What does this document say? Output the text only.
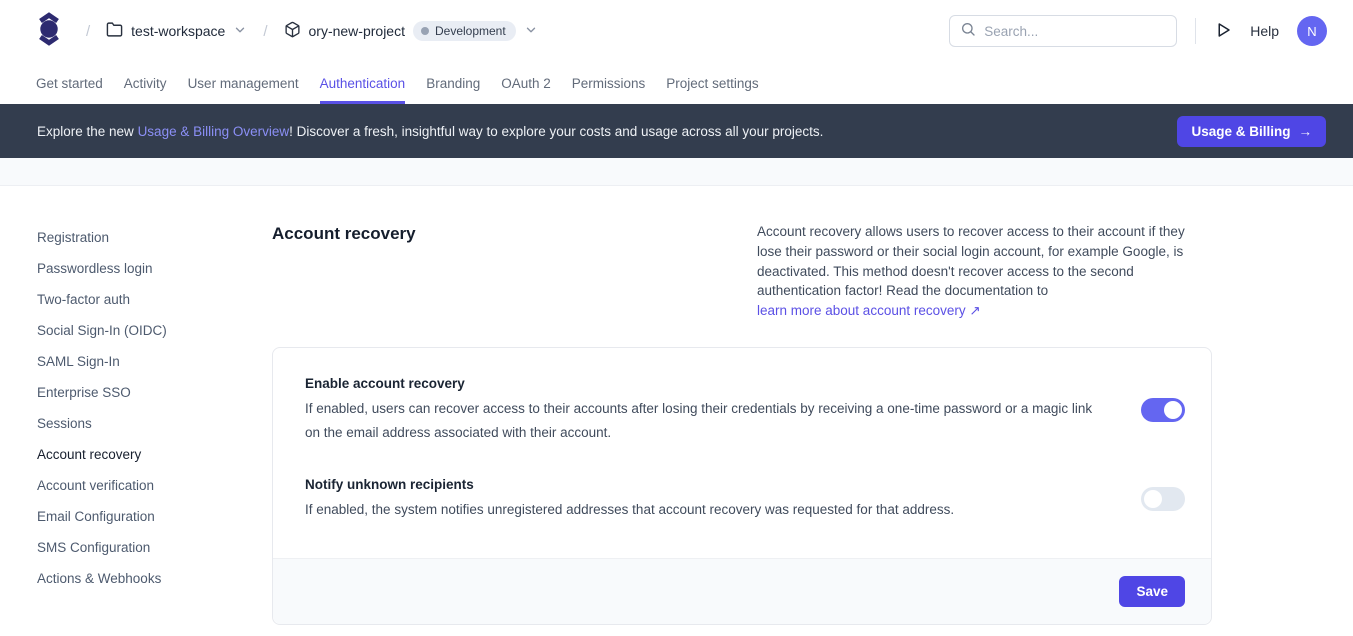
/	test-workspace	/	ory-new-project	Development
Search...	Help	N
Get started Activity User management Authentication Branding OAuth 2 Permissions Project settings

Explore the new Usage & Billing Overview! Discover a fresh, insightful way to explore your costs and usage across all your projects.	Usage & Billing →
Registration
Passwordless login
Two-factor auth
Social Sign-In (OIDC)
SAML Sign-In
Enterprise SSO
Sessions
Account recovery
Account verification
Email Configuration
SMS Configuration
Actions & Webhooks
Account recovery	Account recovery allows users to recover access to their account if they lose their password or their social login account, for example Google, is deactivated. This method doesn't recover access to the second authentication factor! Read the documentation to learn more about account recovery ↗

Enable account recovery
If enabled, users can recover access to their accounts after losing their credentials by receiving a one-time password or a magic link on the email address associated with their account.
Notify unknown recipients
If enabled, the system notifies unregistered addresses that account recovery was requested for that address.
Save
